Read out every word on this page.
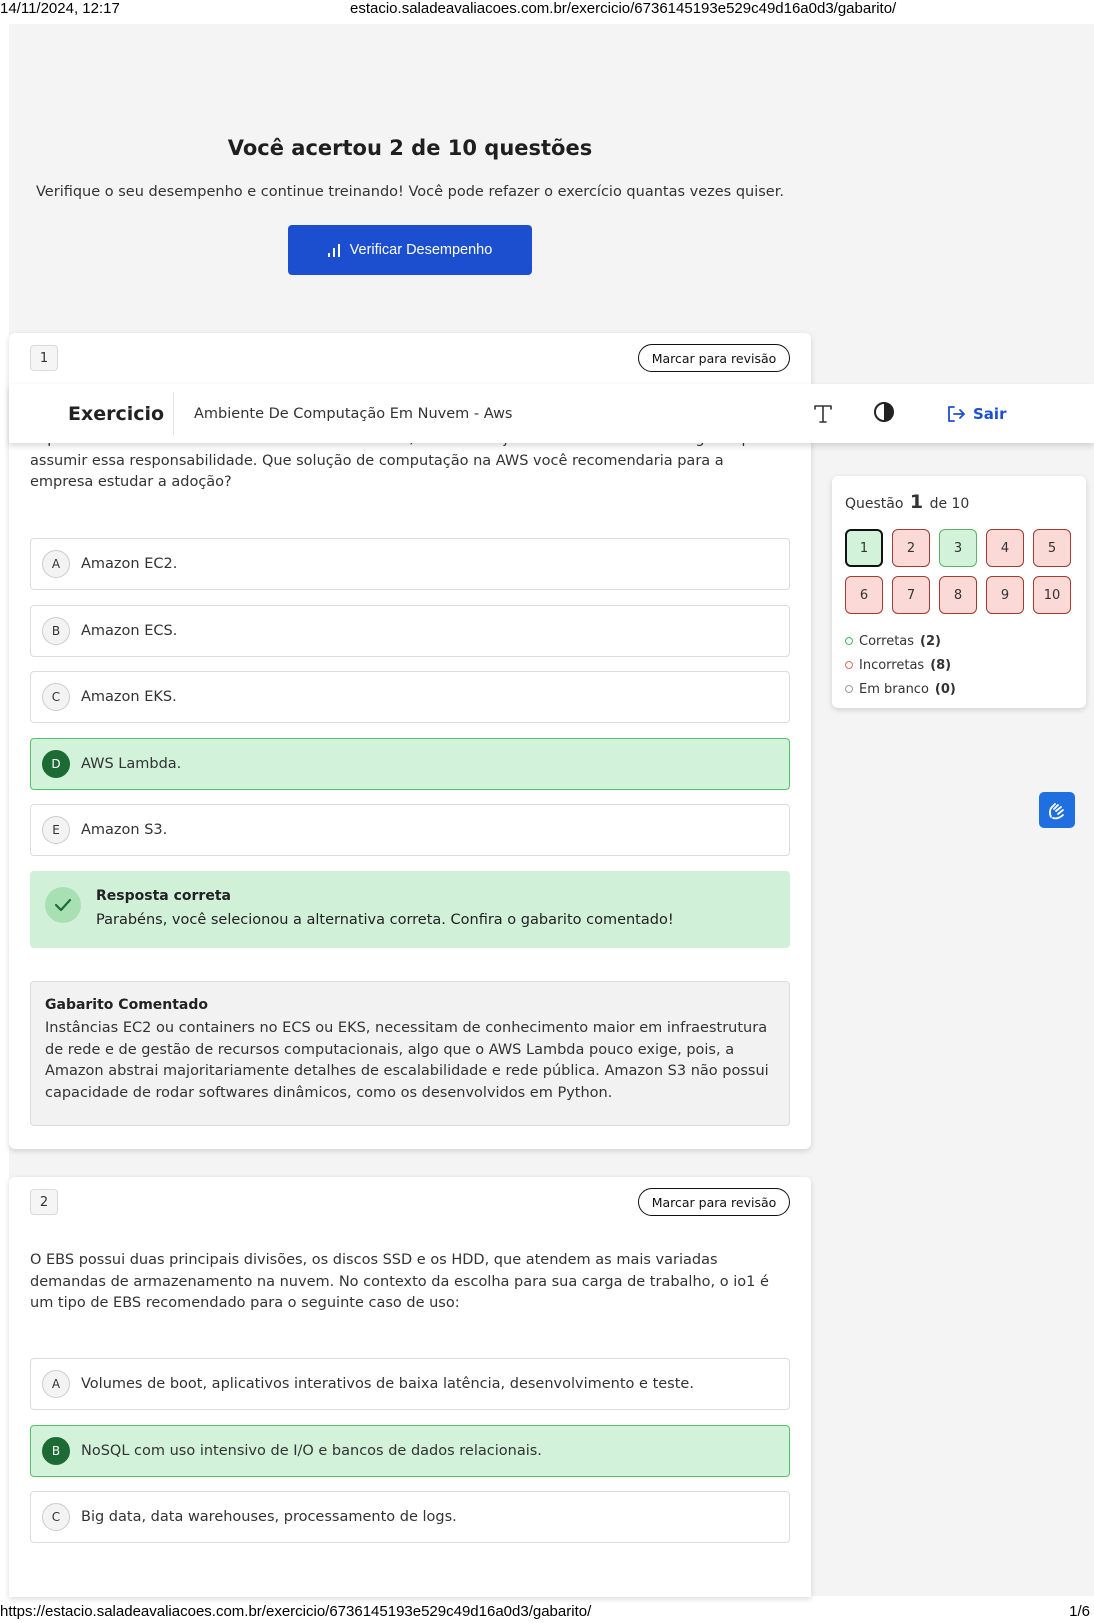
14/11/2024, 12:17	estacio.saladeavaliacoes.com.br/exercicio/6736145193e529c49d16a0d3/gabarito/
Você acertou 2 de 10 questões
Verifique o seu desempenho e continue treinando! Você pode refazer o exercício quantas vezes quiser.
Verificar Desempenho
1	Marcar para revisão
assumir essa responsabilidade. Que solução de computação na AWS você recomendaria para a empresa estudar a adoção?
A	Amazon EC2.
B	Amazon ECS.
C	Amazon EKS.
D	AWS Lambda.
E	Amazon S3.
Resposta correta
Parabéns, você selecionou a alternativa correta. Confira o gabarito comentado!
Gabarito Comentado
Instâncias EC2 ou containers no ECS ou EKS, necessitam de conhecimento maior em infraestrutura de rede e de gestão de recursos computacionais, algo que o AWS Lambda pouco exige, pois, a Amazon abstrai majoritariamente detalhes de escalabilidade e rede pública. Amazon S3 não possui capacidade de rodar softwares dinâmicos, como os desenvolvidos em Python.
2	Marcar para revisão
O EBS possui duas principais divisões, os discos SSD e os HDD, que atendem as mais variadas demandas de armazenamento na nuvem. No contexto da escolha para sua carga de trabalho, o io1 é um tipo de EBS recomendado para o seguinte caso de uso:
A	Volumes de boot, aplicativos interativos de baixa latência, desenvolvimento e teste.
B	NoSQL com uso intensivo de I/O e bancos de dados relacionais.
C	Big data, data warehouses, processamento de logs.
Exercicio Ambiente De Computação Em Nuvem - Aws	Sair
Questão 1 de 10
1	2	3	4	5
6	7	8	9	10
Corretas (2)
Incorretas (8)
Em branco (0)
https://estacio.saladeavaliacoes.com.br/exercicio/6736145193e529c49d16a0d3/gabarito/	1/6
